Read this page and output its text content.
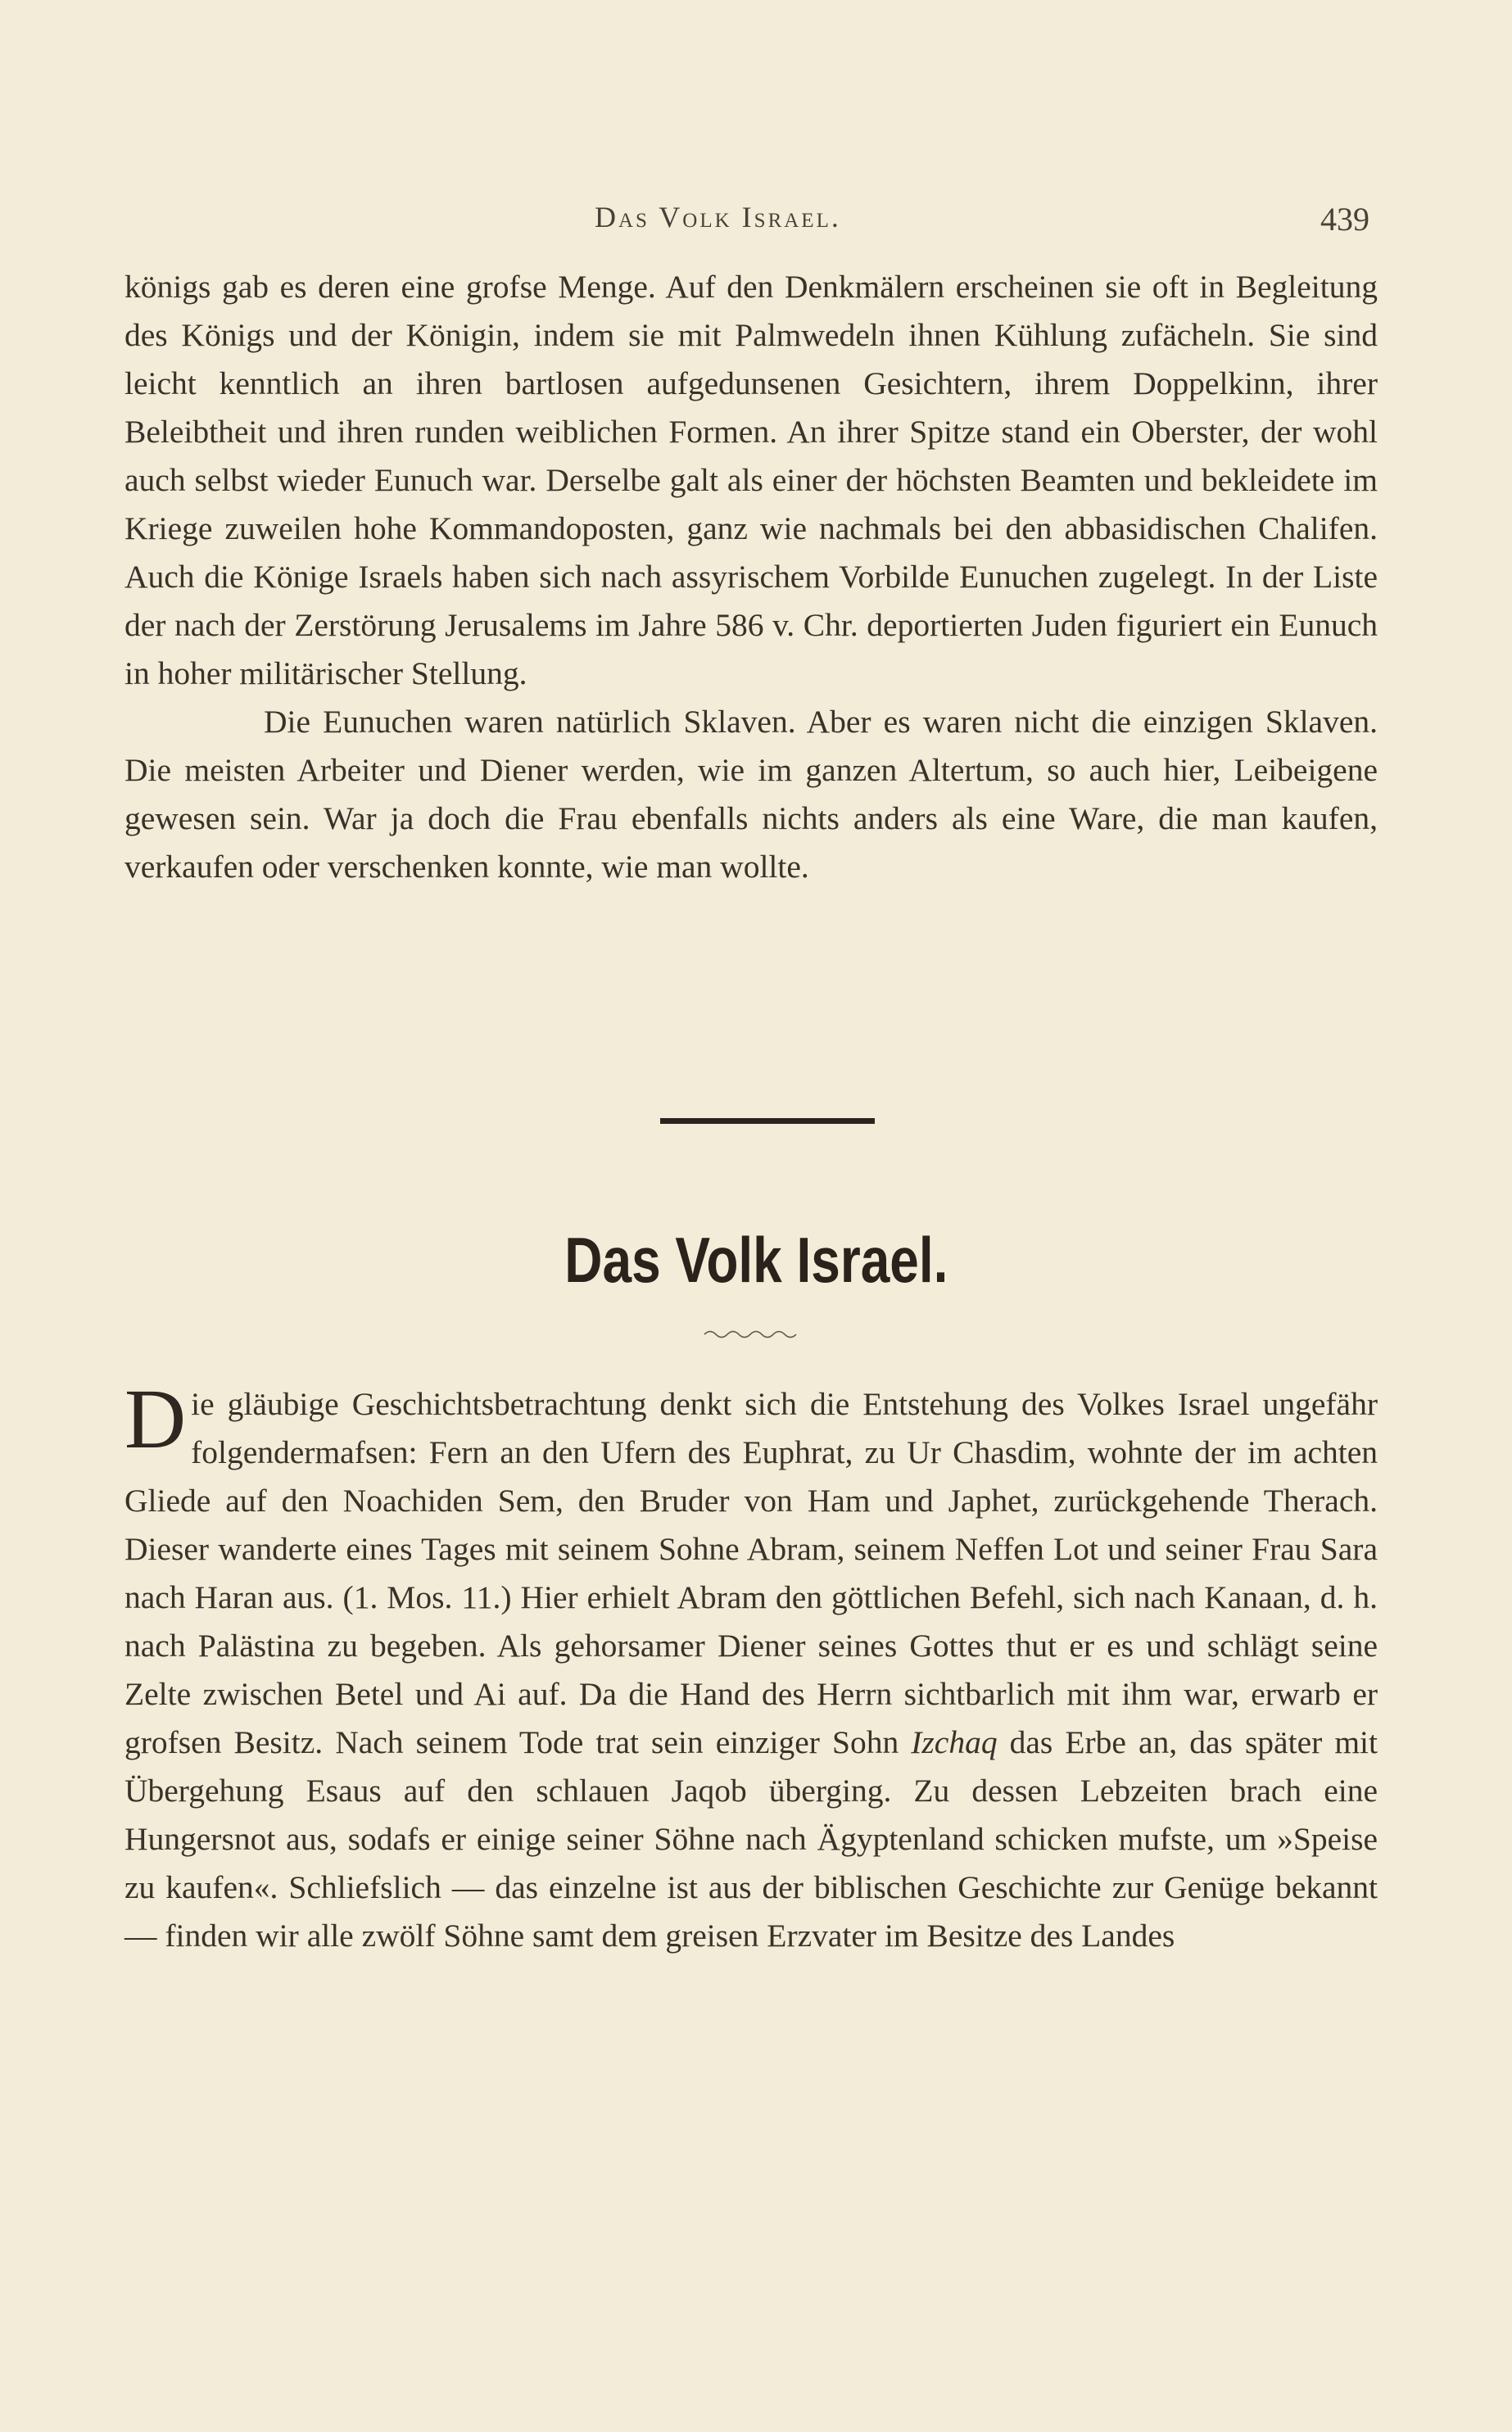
Das Volk Israel.	439

königs gab es deren eine grofse Menge. Auf den Denkmälern erscheinen sie oft in Begleitung des Königs und der Königin, indem sie mit Palmwedeln ihnen Kühlung zufächeln. Sie sind leicht kenntlich an ihren bartlosen aufgedunsenen Gesichtern, ihrem Doppelkinn, ihrer Beleibtheit und ihren runden weiblichen Formen. An ihrer Spitze stand ein Oberster, der wohl auch selbst wieder Eunuch war. Derselbe galt als einer der höchsten Beamten und bekleidete im Kriege zuweilen hohe Kommandoposten, ganz wie nachmals bei den abbasidischen Chalifen. Auch die Könige Israels haben sich nach assyrischem Vorbilde Eunuchen zugelegt. In der Liste der nach der Zerstörung Jerusalems im Jahre 586 v. Chr. deportierten Juden figuriert ein Eunuch in hoher militärischer Stellung.

Die Eunuchen waren natürlich Sklaven. Aber es waren nicht die einzigen Sklaven. Die meisten Arbeiter und Diener werden, wie im ganzen Altertum, so auch hier, Leibeigene gewesen sein. War ja doch die Frau ebenfalls nichts anders als eine Ware, die man kaufen, verkaufen oder verschenken konnte, wie man wollte.

Das Volk Israel.

Die gläubige Geschichtsbetrachtung denkt sich die Entstehung des Volkes Israel ungefähr folgendermafsen: Fern an den Ufern des Euphrat, zu Ur Chasdim, wohnte der im achten Gliede auf den Noachiden Sem, den Bruder von Ham und Japhet, zurückgehende Therach. Dieser wanderte eines Tages mit seinem Sohne Abram, seinem Neffen Lot und seiner Frau Sara nach Haran aus. (1. Mos. 11.) Hier erhielt Abram den göttlichen Befehl, sich nach Kanaan, d. h. nach Palästina zu begeben. Als gehorsamer Diener seines Gottes thut er es und schlägt seine Zelte zwischen Betel und Ai auf. Da die Hand des Herrn sichtbarlich mit ihm war, erwarb er grofsen Besitz. Nach seinem Tode trat sein einziger Sohn Izchaq das Erbe an, das später mit Übergehung Esaus auf den schlauen Jaqob überging. Zu dessen Lebzeiten brach eine Hungersnot aus, sodafs er einige seiner Söhne nach Ägyptenland schicken mufste, um »Speise zu kaufen«. Schliefslich — das einzelne ist aus der biblischen Geschichte zur Genüge bekannt — finden wir alle zwölf Söhne samt dem greisen Erzvater im Besitze des Landes
